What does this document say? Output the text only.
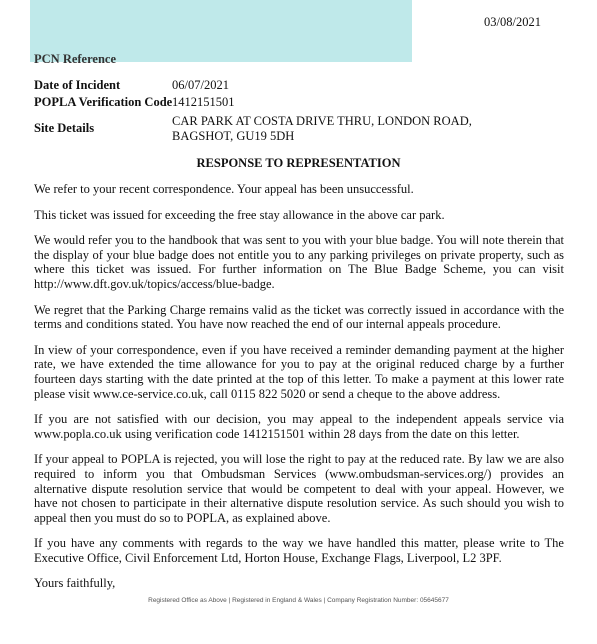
03/08/2021
PCN Reference
Date of Incident	06/07/2021
POPLA Verification Code 1412151501
Site Details	CAR PARK AT COSTA DRIVE THRU, LONDON ROAD,
BAGSHOT, GU19 5DH
RESPONSE TO REPRESENTATION

We refer to your recent correspondence. Your appeal has been unsuccessful.

This ticket was issued for exceeding the free stay allowance in the above car park.

We would refer you to the handbook that was sent to you with your blue badge. You will note therein that the display of your blue badge does not entitle you to any parking privileges on private property, such as where this ticket was issued. For further information on The Blue Badge Scheme, you can visit http://www.dft.gov.uk/topics/access/blue-badge.

We regret that the Parking Charge remains valid as the ticket was correctly issued in accordance with the terms and conditions stated. You have now reached the end of our internal appeals procedure.

In view of your correspondence, even if you have received a reminder demanding payment at the higher rate, we have extended the time allowance for you to pay at the original reduced charge by a further fourteen days starting with the date printed at the top of this letter. To make a payment at this lower rate please visit www.ce-service.co.uk, call 0115 822 5020 or send a cheque to the above address.

If you are not satisfied with our decision, you may appeal to the independent appeals service via www.popla.co.uk using verification code 1412151501 within 28 days from the date on this letter.

If your appeal to POPLA is rejected, you will lose the right to pay at the reduced rate. By law we are also required to inform you that Ombudsman Services (www.ombudsman-services.org/) provides an alternative dispute resolution service that would be competent to deal with your appeal. However, we have not chosen to participate in their alternative dispute resolution service. As such should you wish to appeal then you must do so to POPLA, as explained above.

If you have any comments with regards to the way we have handled this matter, please write to The Executive Office, Civil Enforcement Ltd, Horton House, Exchange Flags, Liverpool, L2 3PF.

Yours faithfully,

Registered Office as Above | Registered in England & Wales | Company Registration Number: 05645677
